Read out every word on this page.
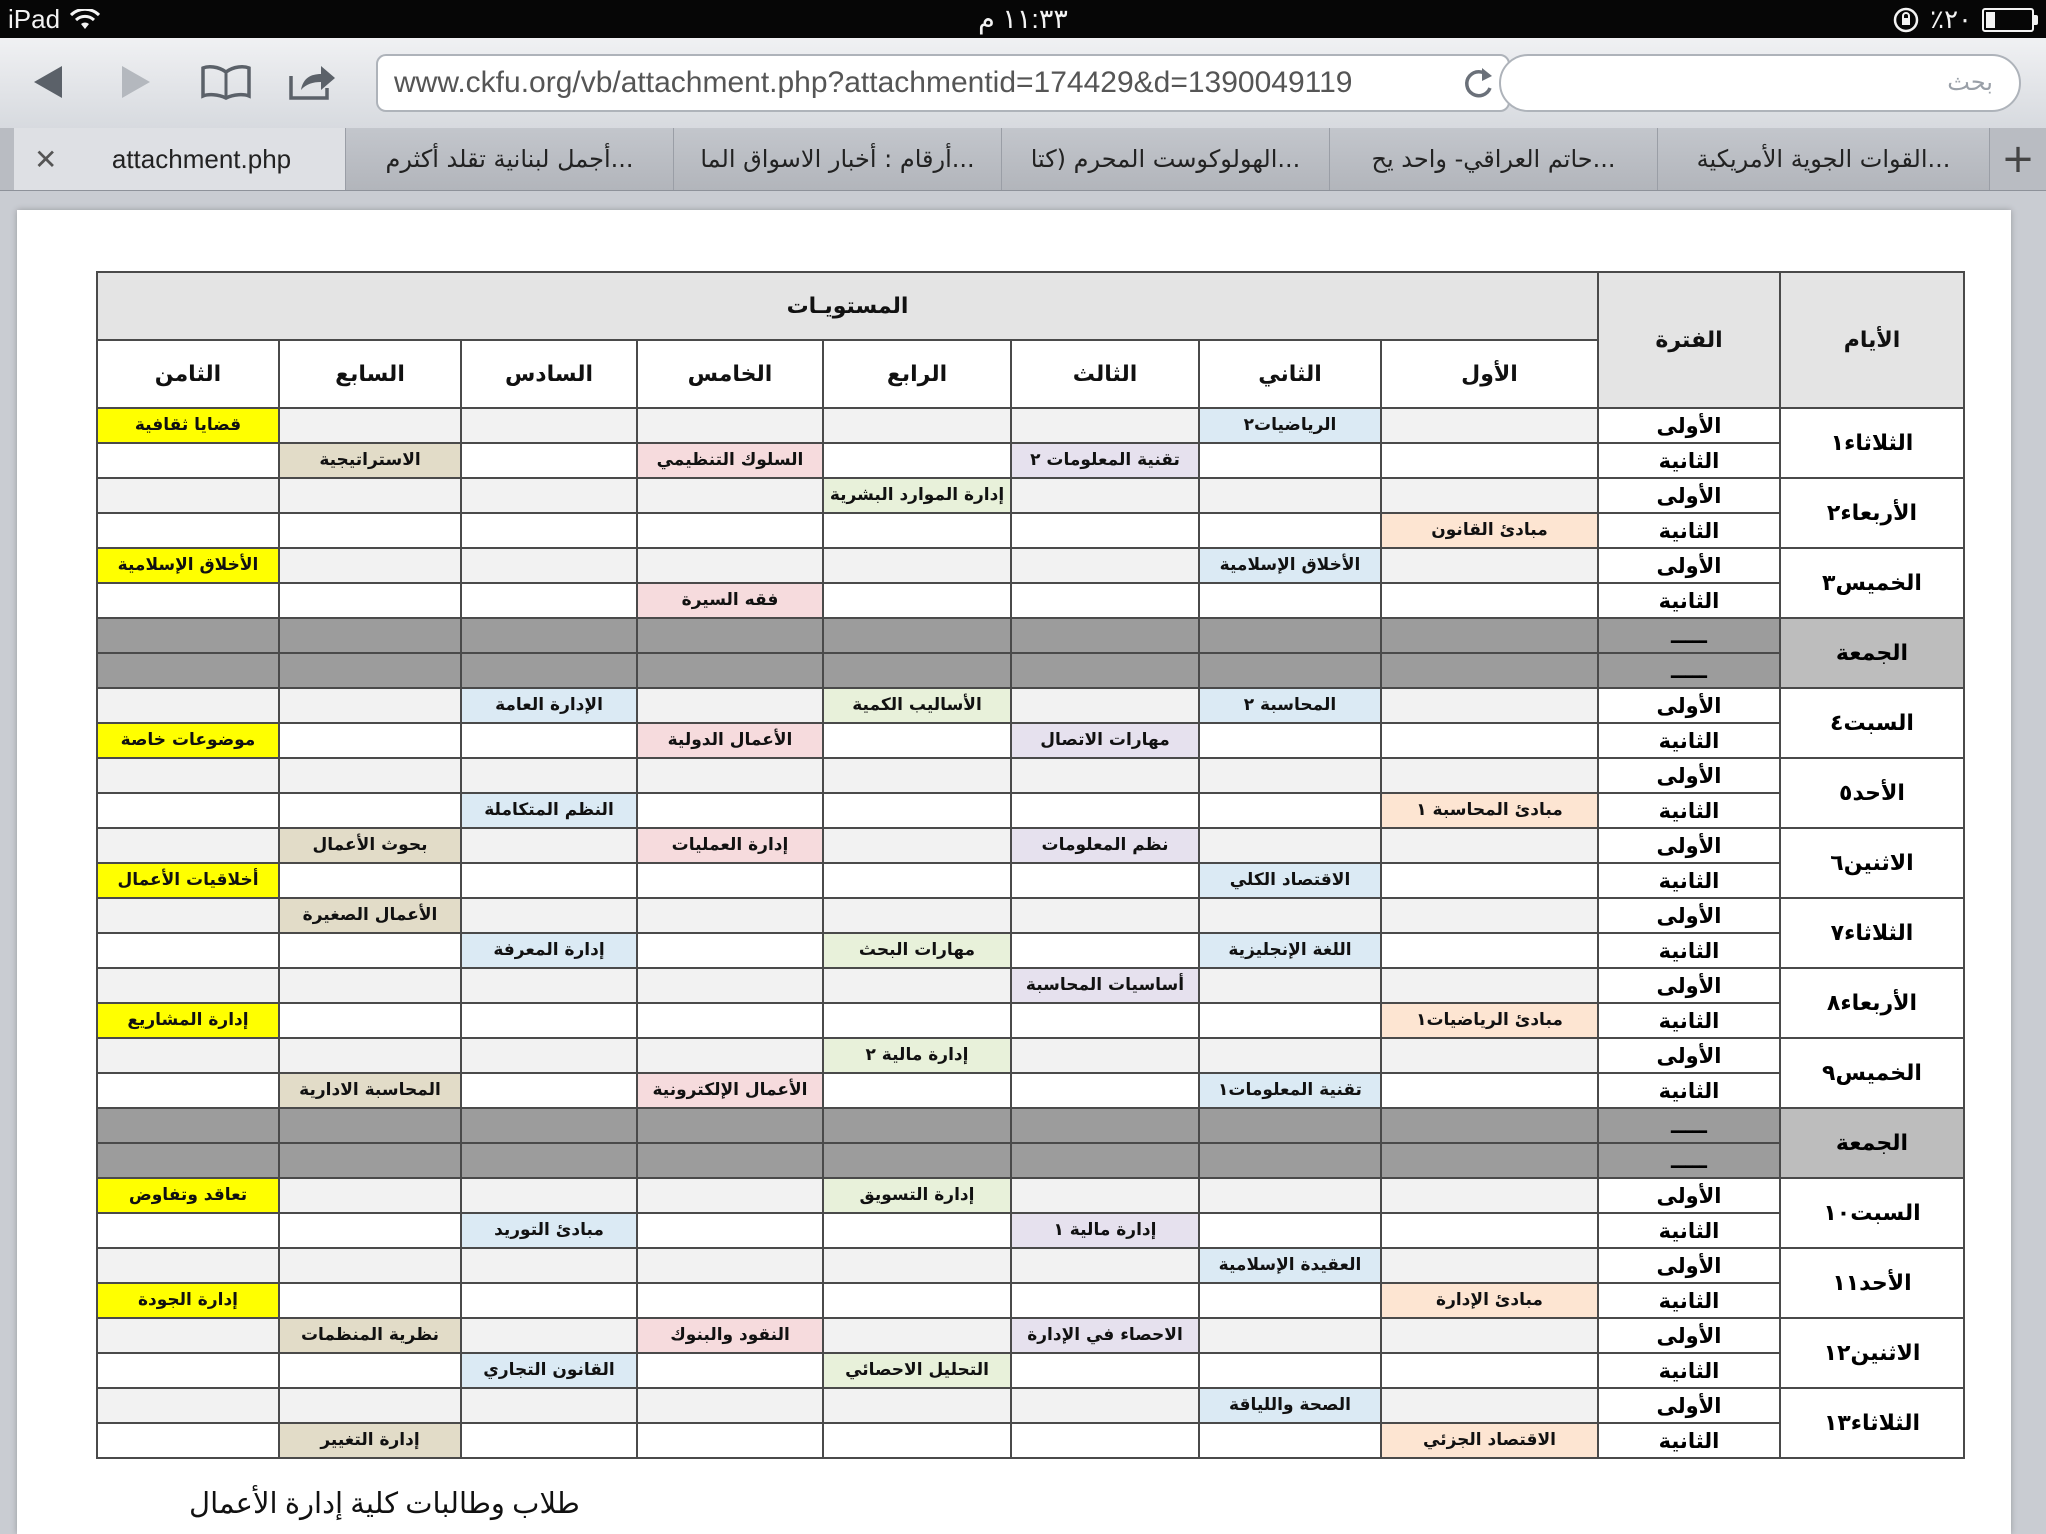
iPad	١١:٣٣ م	٪٢٠
www.ckfu.org/vb/attachment.php?attachmentid=174429&d=1390049119	بحث
✕	attachment.php	أجمل لبنانية تقلد أكثرم...	أرقام : أخبار الاسواق الما... الهولوكوست المحرم (كتا...	حاتم العراقي- واحد يح...	القوات الجوية الأمريكية... +
الأيام	الفترة	المستويـات							
		الأول	الثاني	الثالث	الرابع	الخامس	السادس	السابع	الثامن
الثلاثاء١	الأولى		الرياضيات٢						قضايا ثقافية
	الثانية			تقنية المعلومات ٢		السلوك التنظيمي		الاستراتيجية	
الأربعاء٢	الأولى				إدارة الموارد البشرية				
	الثانية	مبادئ القانون							
الخميس٣	الأولى		الأخلاق الإسلامية						الأخلاق الإسلامية
	الثانية					فقه السيرة			
الجمعة	ـــــ								
	ـــــ								
السبت٤	الأولى		المحاسبة ٢		الأساليب الكمية		الإدارة العامة		
	الثانية			مهارات الاتصال		الأعمال الدولية			موضوعات خاصة
الأحد٥	الأولى								
	الثانية	مبادئ المحاسبة ١					النظم المتكاملة		
الاثنين٦	الأولى			نظم المعلومات		إدارة العمليات		بحوث الأعمال	
	الثانية		الاقتصاد الكلي						أخلاقيات الأعمال
الثلاثاء٧	الأولى							الأعمال الصغيرة	
	الثانية		اللغة الإنجليزية		مهارات البحث		إدارة المعرفة		
الأربعاء٨	الأولى			أساسيات المحاسبة					
	الثانية	مبادئ الرياضيات١							إدارة المشاريع
الخميس٩	الأولى				إدارة مالية ٢				
	الثانية		تقنية المعلومات١			الأعمال الإلكترونية		المحاسبة الادارية	
الجمعة	ـــــ								
	ـــــ								
السبت١٠	الأولى				إدارة التسويق				تعاقد وتفاوض
	الثانية			إدارة مالية ١			مبادئ التوريد		
الأحد١١	الأولى		العقيدة الإسلامية						
	الثانية	مبادئ الإدارة							إدارة الجودة
الاثنين١٢	الأولى			الاحصاء في الإدارة		النقود والبنوك		نظرية المنظمات	
	الثانية				التحليل الاحصائي		القانون التجاري		
الثلاثاء١٣	الأولى		الصحة واللياقة						
	الثانية	الاقتصاد الجزئي						إدارة التغيير	
طلاب وطالبات كلية إدارة الأعمال
